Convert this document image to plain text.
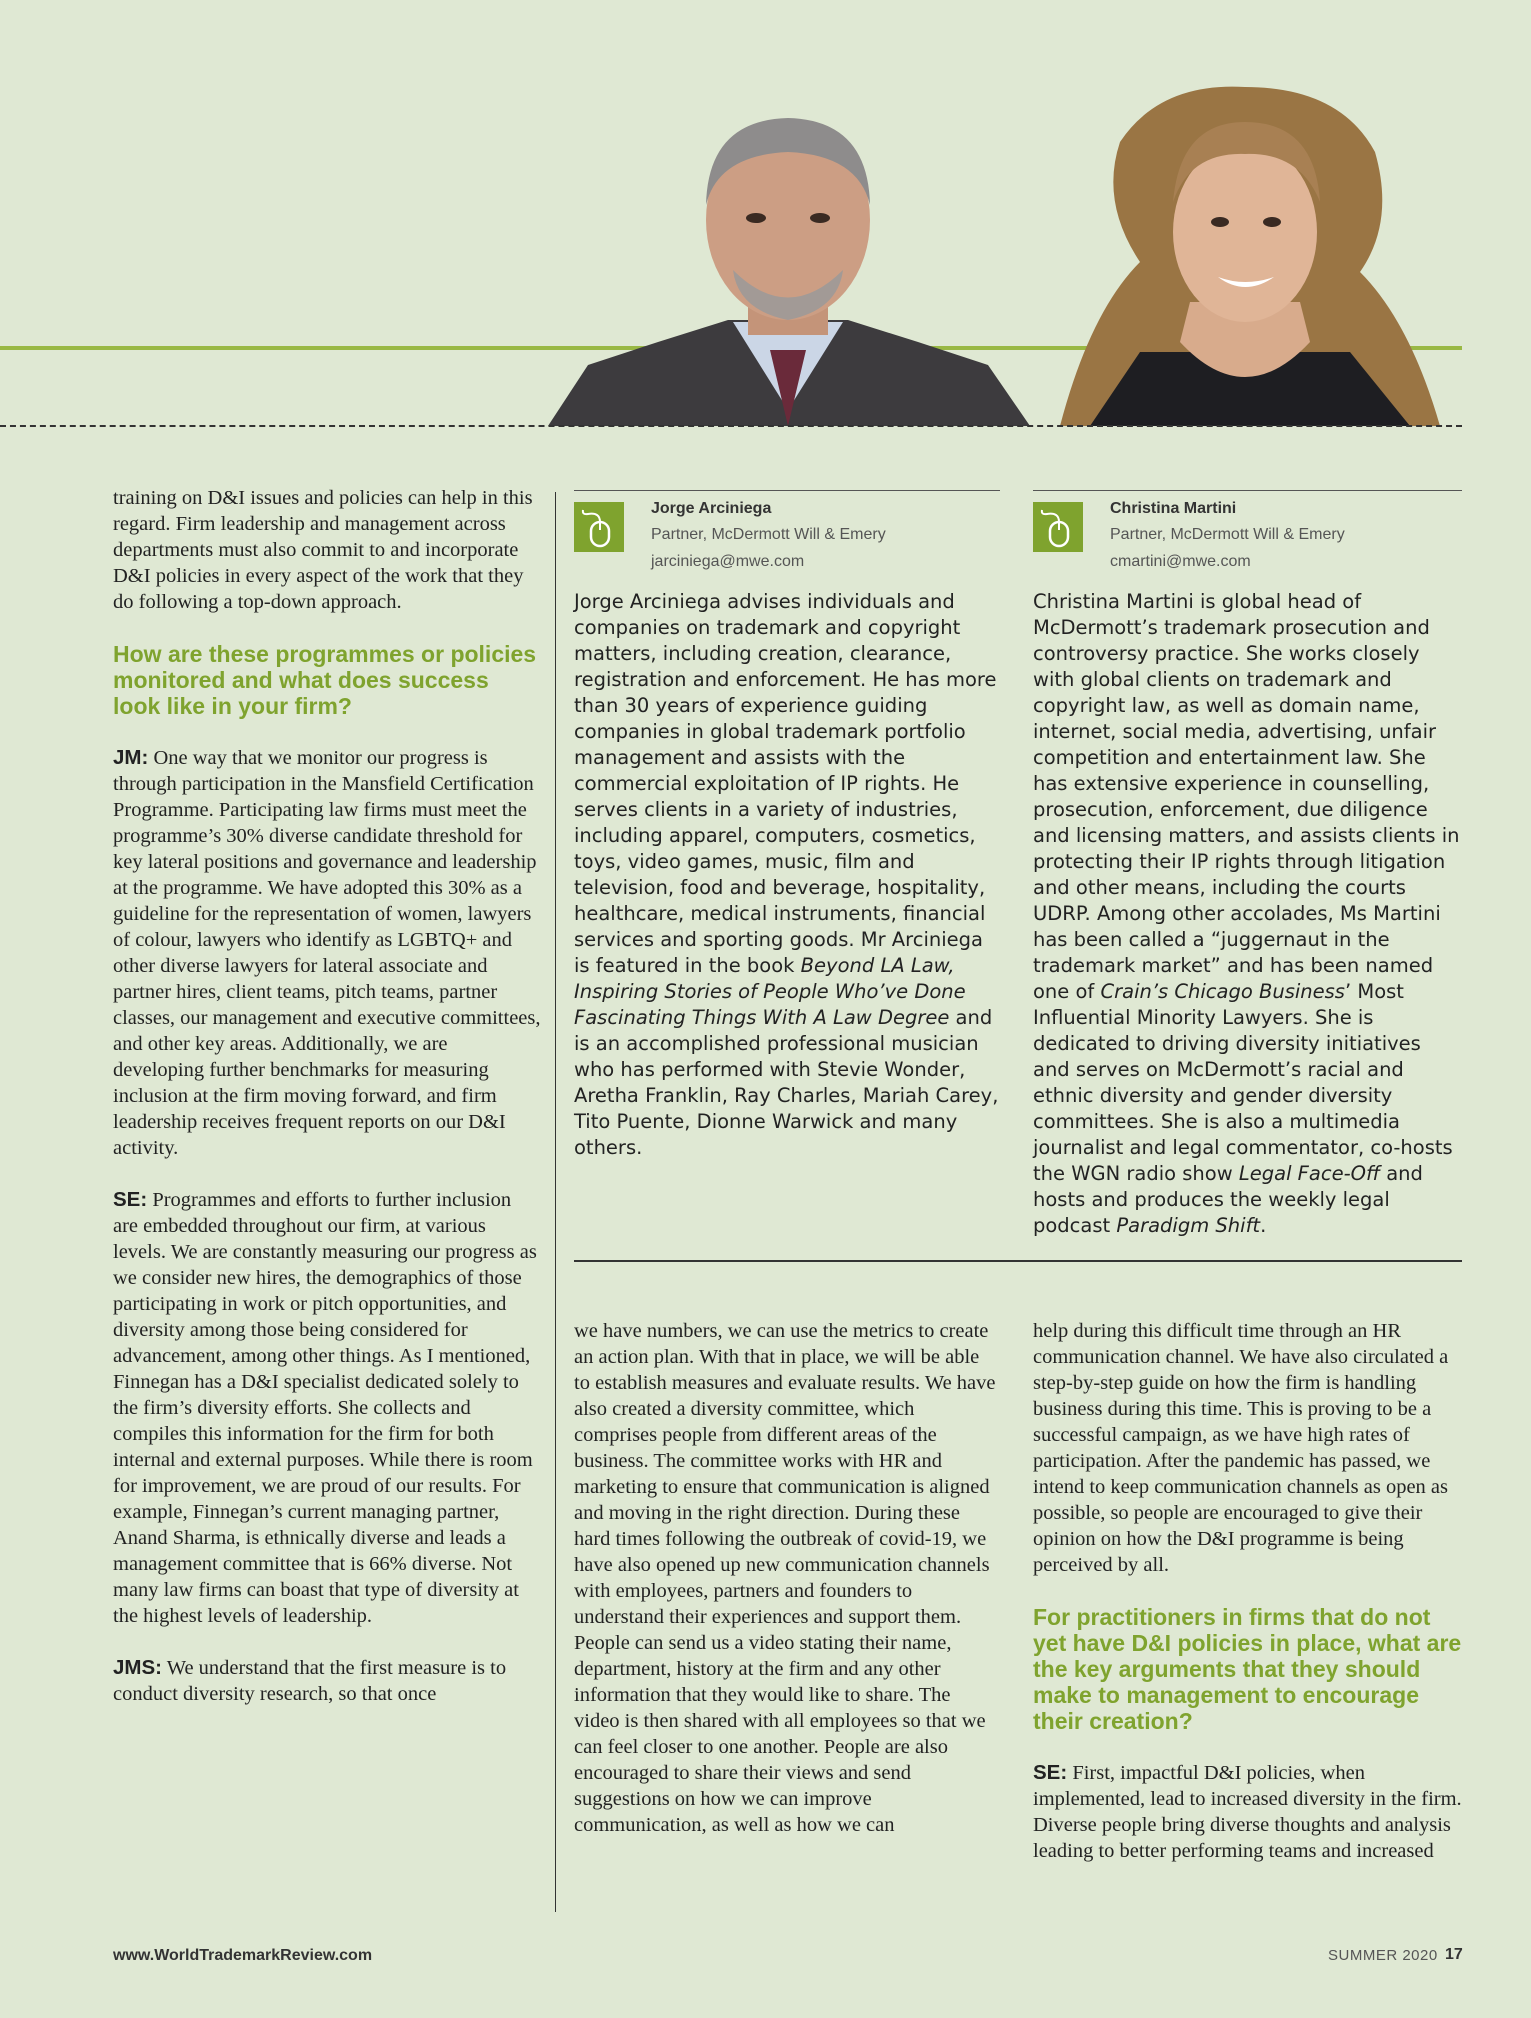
training on D&I issues and policies can help in this regard. Firm leadership and management across departments must also commit to and incorporate D&I policies in every aspect of the work that they do following a top-down approach.

How are these programmes or policies monitored and what does success look like in your firm?

JM: One way that we monitor our progress is through participation in the Mansfield Certification Programme. Participating law firms must meet the programme’s 30% diverse candidate threshold for key lateral positions and governance and leadership at the programme. We have adopted this 30% as a guideline for the representation of women, lawyers of colour, lawyers who identify as LGBTQ+ and other diverse lawyers for lateral associate and partner hires, client teams, pitch teams, partner classes, our management and executive committees, and other key areas. Additionally, we are developing further benchmarks for measuring inclusion at the firm moving forward, and firm leadership receives frequent reports on our D&I activity.

SE: Programmes and efforts to further inclusion are embedded throughout our firm, at various levels. We are constantly measuring our progress as we consider new hires, the demographics of those participating in work or pitch opportunities, and diversity among those being considered for advancement, among other things. As I mentioned, Finnegan has a D&I specialist dedicated solely to the firm’s diversity efforts. She collects and compiles this information for the firm for both internal and external purposes. While there is room for improvement, we are proud of our results. For example, Finnegan’s current managing partner, Anand Sharma, is ethnically diverse and leads a management committee that is 66% diverse. Not many law firms can boast that type of diversity at the highest levels of leadership.

JMS: We understand that the first measure is to conduct diversity research, so that once

Jorge Arciniega
Partner, McDermott Will & Emery
jarciniega@mwe.com
Jorge Arciniega advises individuals and companies on trademark and copyright matters, including creation, clearance, registration and enforcement. He has more than 30 years of experience guiding companies in global trademark portfolio management and assists with the commercial exploitation of IP rights. He serves clients in a variety of industries, including apparel, computers, cosmetics, toys, video games, music, film and television, food and beverage, hospitality, healthcare, medical instruments, financial services and sporting goods. Mr Arciniega is featured in the book Beyond LA Law, Inspiring Stories of People Who’ve Done Fascinating Things With A Law Degree and is an accomplished professional musician who has performed with Stevie Wonder, Aretha Franklin, Ray Charles, Mariah Carey, Tito Puente, Dionne Warwick and many others.
Christina Martini
Partner, McDermott Will & Emery
cmartini@mwe.com
Christina Martini is global head of McDermott’s trademark prosecution and controversy practice. She works closely with global clients on trademark and copyright law, as well as domain name, internet, social media, advertising, unfair competition and entertainment law. She has extensive experience in counselling, prosecution, enforcement, due diligence and licensing matters, and assists clients in protecting their IP rights through litigation and other means, including the courts UDRP. Among other accolades, Ms Martini has been called a “juggernaut in the trademark market” and has been named one of Crain’s Chicago Business’ Most Influential Minority Lawyers. She is dedicated to driving diversity initiatives and serves on McDermott’s racial and ethnic diversity and gender diversity committees. She is also a multimedia journalist and legal commentator, co-hosts the WGN radio show Legal Face-Off and hosts and produces the weekly legal podcast Paradigm Shift.

we have numbers, we can use the metrics to create an action plan. With that in place, we will be able to establish measures and evaluate results. We have also created a diversity committee, which comprises people from different areas of the business. The committee works with HR and marketing to ensure that communication is aligned and moving in the right direction. During these hard times following the outbreak of covid-19, we have also opened up new communication channels with employees, partners and founders to understand their experiences and support them. People can send us a video stating their name, department, history at the firm and any other information that they would like to share. The video is then shared with all employees so that we can feel closer to one another. People are also encouraged to share their views and send suggestions on how we can improve communication, as well as how we can

help during this difficult time through an HR communication channel. We have also circulated a step-by-step guide on how the firm is handling business during this time. This is proving to be a successful campaign, as we have high rates of participation. After the pandemic has passed, we intend to keep communication channels as open as possible, so people are encouraged to give their opinion on how the D&I programme is being perceived by all.

For practitioners in firms that do not yet have D&I policies in place, what are the key arguments that they should make to management to encourage their creation?

SE: First, impactful D&I policies, when implemented, lead to increased diversity in the firm. Diverse people bring diverse thoughts and analysis leading to better performing teams and increased

www.WorldTrademarkReview.com	SUMMER 2020 17
